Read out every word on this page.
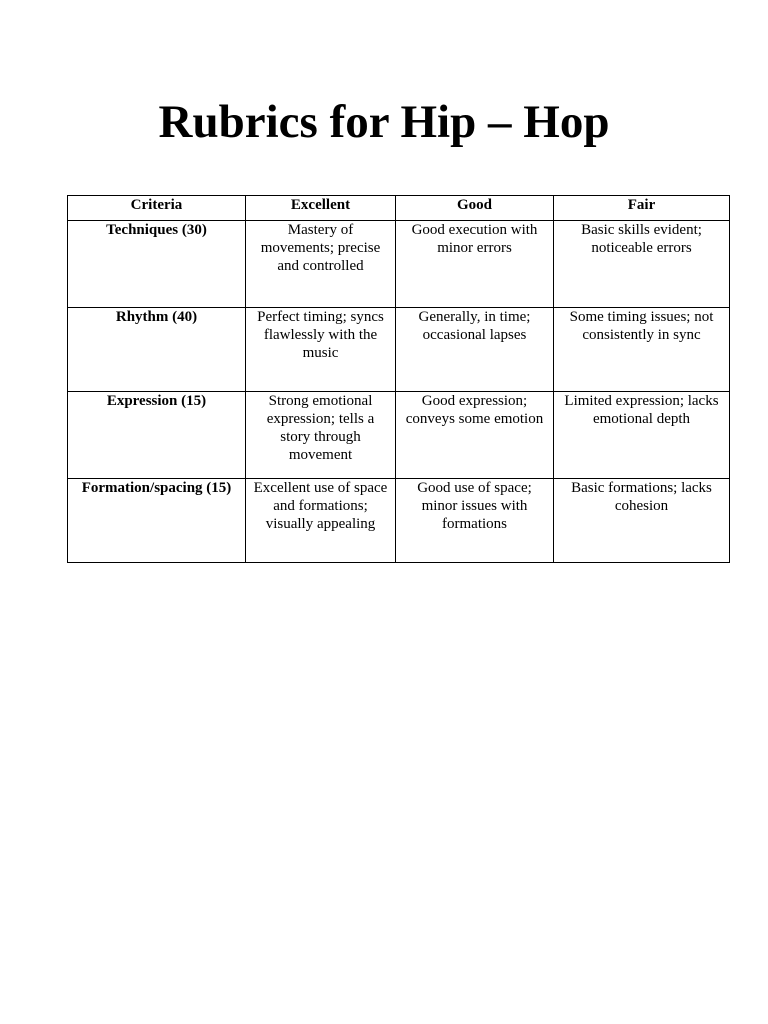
Rubrics for Hip – Hop
Criteria	Excellent	Good	Fair
Techniques (30)	Mastery of movements; precise and controlled	Good execution with minor errors	Basic skills evident; noticeable errors
Rhythm (40)	Perfect timing; syncs flawlessly with the music	Generally, in time; occasional lapses	Some timing issues; not consistently in sync
Expression (15)	Strong emotional expression; tells a story through movement	Good expression; conveys some emotion	Limited expression; lacks emotional depth
Formation/spacing (15)	Excellent use of space and formations; visually appealing	Good use of space; minor issues with formations	Basic formations; lacks cohesion
